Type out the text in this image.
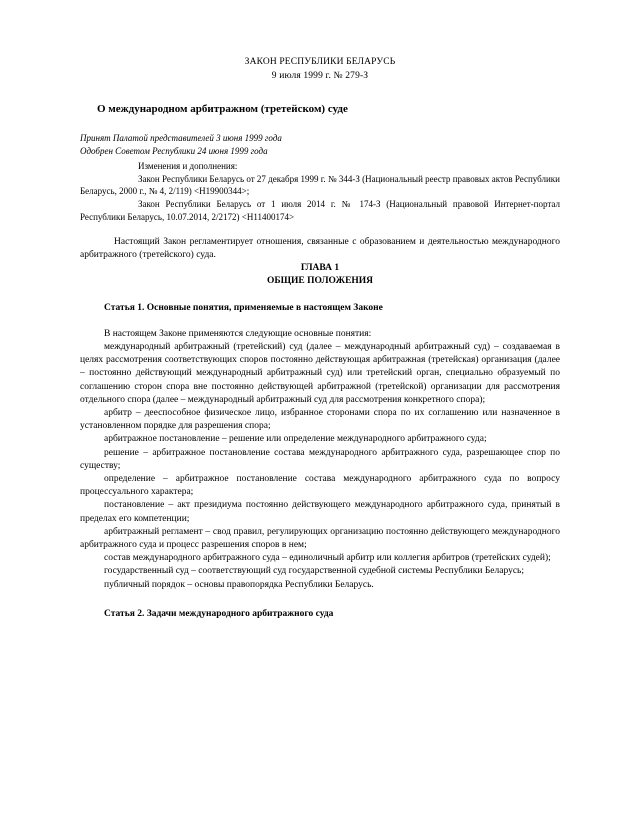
ЗАКОН РЕСПУБЛИКИ БЕЛАРУСЬ
9 июля 1999 г. № 279-З
О международном арбитражном (третейском) суде
Принят Палатой представителей 3 июня 1999 года
Одобрен Советом Республики 24 июня 1999 года
Изменения и дополнения:
Закон Республики Беларусь от 27 декабря 1999 г. № 344-З (Национальный реестр правовых актов Республики Беларусь, 2000 г., № 4, 2/119) <H19900344>;
Закон Республики Беларусь от 1 июля 2014 г. № 174-З (Национальный правовой Интернет-портал Республики Беларусь, 10.07.2014, 2/2172) <H11400174>
Настоящий Закон регламентирует отношения, связанные с образованием и деятельностью международного арбитражного (третейского) суда.
ГЛАВА 1
ОБЩИЕ ПОЛОЖЕНИЯ
Статья 1. Основные понятия, применяемые в настоящем Законе
В настоящем Законе применяются следующие основные понятия:
международный арбитражный (третейский) суд (далее – международный арбитражный суд) – создаваемая в целях рассмотрения соответствующих споров постоянно действующая арбитражная (третейская) организация (далее – постоянно действующий международный арбитражный суд) или третейский орган, специально образуемый по соглашению сторон спора вне постоянно действующей арбитражной (третейской) организации для рассмотрения отдельного спора (далее – международный арбитражный суд для рассмотрения конкретного спора);
арбитр – дееспособное физическое лицо, избранное сторонами спора по их соглашению или назначенное в установленном порядке для разрешения спора;
арбитражное постановление – решение или определение международного арбитражного суда;
решение – арбитражное постановление состава международного арбитражного суда, разрешающее спор по существу;
определение – арбитражное постановление состава международного арбитражного суда по вопросу процессуального характера;
постановление – акт президиума постоянно действующего международного арбитражного суда, принятый в пределах его компетенции;
арбитражный регламент – свод правил, регулирующих организацию постоянно действующего международного арбитражного суда и процесс разрешения споров в нем;
состав международного арбитражного суда – единоличный арбитр или коллегия арбитров (третейских судей);
государственный суд – соответствующий суд государственной судебной системы Республики Беларусь;
публичный порядок – основы правопорядка Республики Беларусь.
Статья 2. Задачи международного арбитражного суда
